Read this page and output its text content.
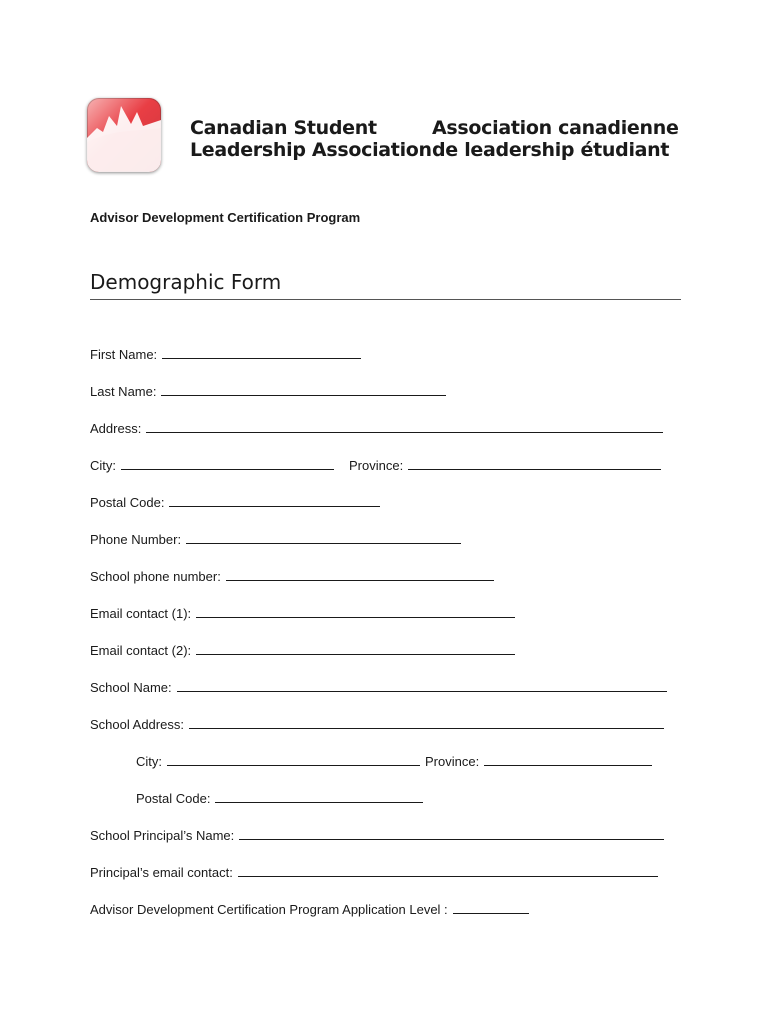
Canadian Student
Leadership Association
Association canadienne
de leadership étudiant
Advisor Development Certification Program
Demographic Form
First Name:
Last Name:
Address:
City:	Province:
Postal Code:
Phone Number:
School phone number:
Email contact (1):
Email contact (2):
School Name:
School Address:
City:	Province:
Postal Code:
School Principal’s Name:
Principal’s email contact:
Advisor Development Certification Program Application Level :
